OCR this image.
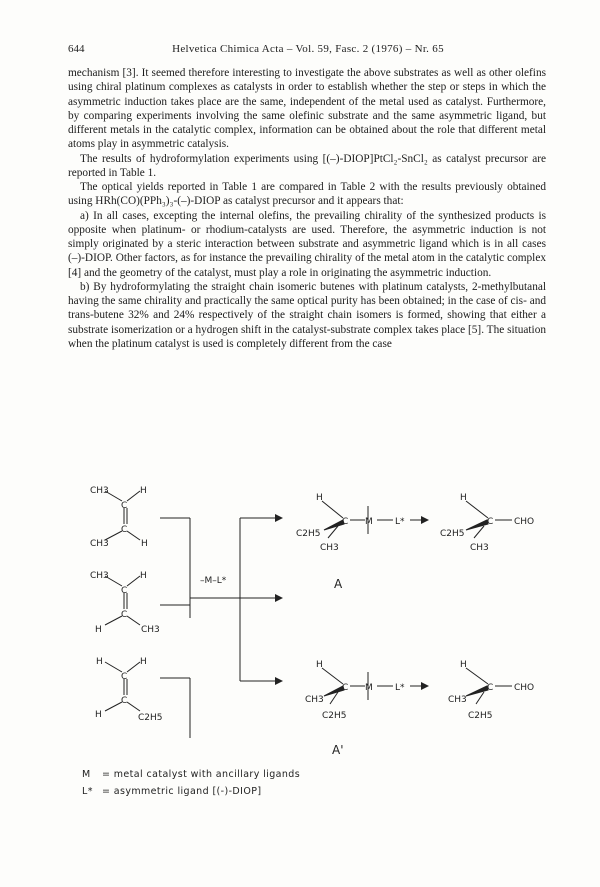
644	Helvetica Chimica Acta – Vol. 59, Fasc. 2 (1976) – Nr. 65

mechanism [3]. It seemed therefore interesting to investigate the above substrates as well as other olefins using chiral platinum complexes as catalysts in order to establish whether the step or steps in which the asymmetric induction takes place are the same, independent of the metal used as catalyst. Furthermore, by comparing experiments involving the same olefinic substrate and the same asymmetric ligand, but different metals in the catalytic complex, information can be obtained about the role that different metal atoms play in asymmetric catalysis.

The results of hydroformylation experiments using [(–)-DIOP]PtCl₂-SnCl₂ as catalyst precursor are reported in Table 1.

The optical yields reported in Table 1 are compared in Table 2 with the results previously obtained using HRh(CO)(PPh₃)₃-(–)-DIOP as catalyst precursor and it appears that:

a) In all cases, excepting the internal olefins, the prevailing chirality of the synthesized products is opposite when platinum- or rhodium-catalysts are used. Therefore, the asymmetric induction is not simply originated by a steric interaction between substrate and asymmetric ligand which is in all cases (–)-DIOP. Other factors, as for instance the prevailing chirality of the metal atom in the catalytic complex [4] and the geometry of the catalyst, must play a role in originating the asymmetric induction.

b) By hydroformylating the straight chain isomeric butenes with platinum catalysts, 2-methylbutanal having the same chirality and practically the same optical purity has been obtained; in the case of cis- and trans-butene 32% and 24% respectively of the straight chain isomers is formed, showing that either a substrate isomerization or a hydrogen shift in the catalyst-substrate complex takes place [5]. The situation when the platinum catalyst is used is completely different from the case

CH3	H
C
C
CH3	H
CH3	H
C
C
H	CH3
H	H
C
C
H	C2H5
–M–L*
H
C2H5
C M L*
CH3
A
H
C2H5
C CHO
CH3
H
CH3
C M L*
C2H5
A'
H
CH3
C CHO
C2H5
M	= metal catalyst with ancillary ligands
L* = asymmetric ligand [(-)-DIOP]
